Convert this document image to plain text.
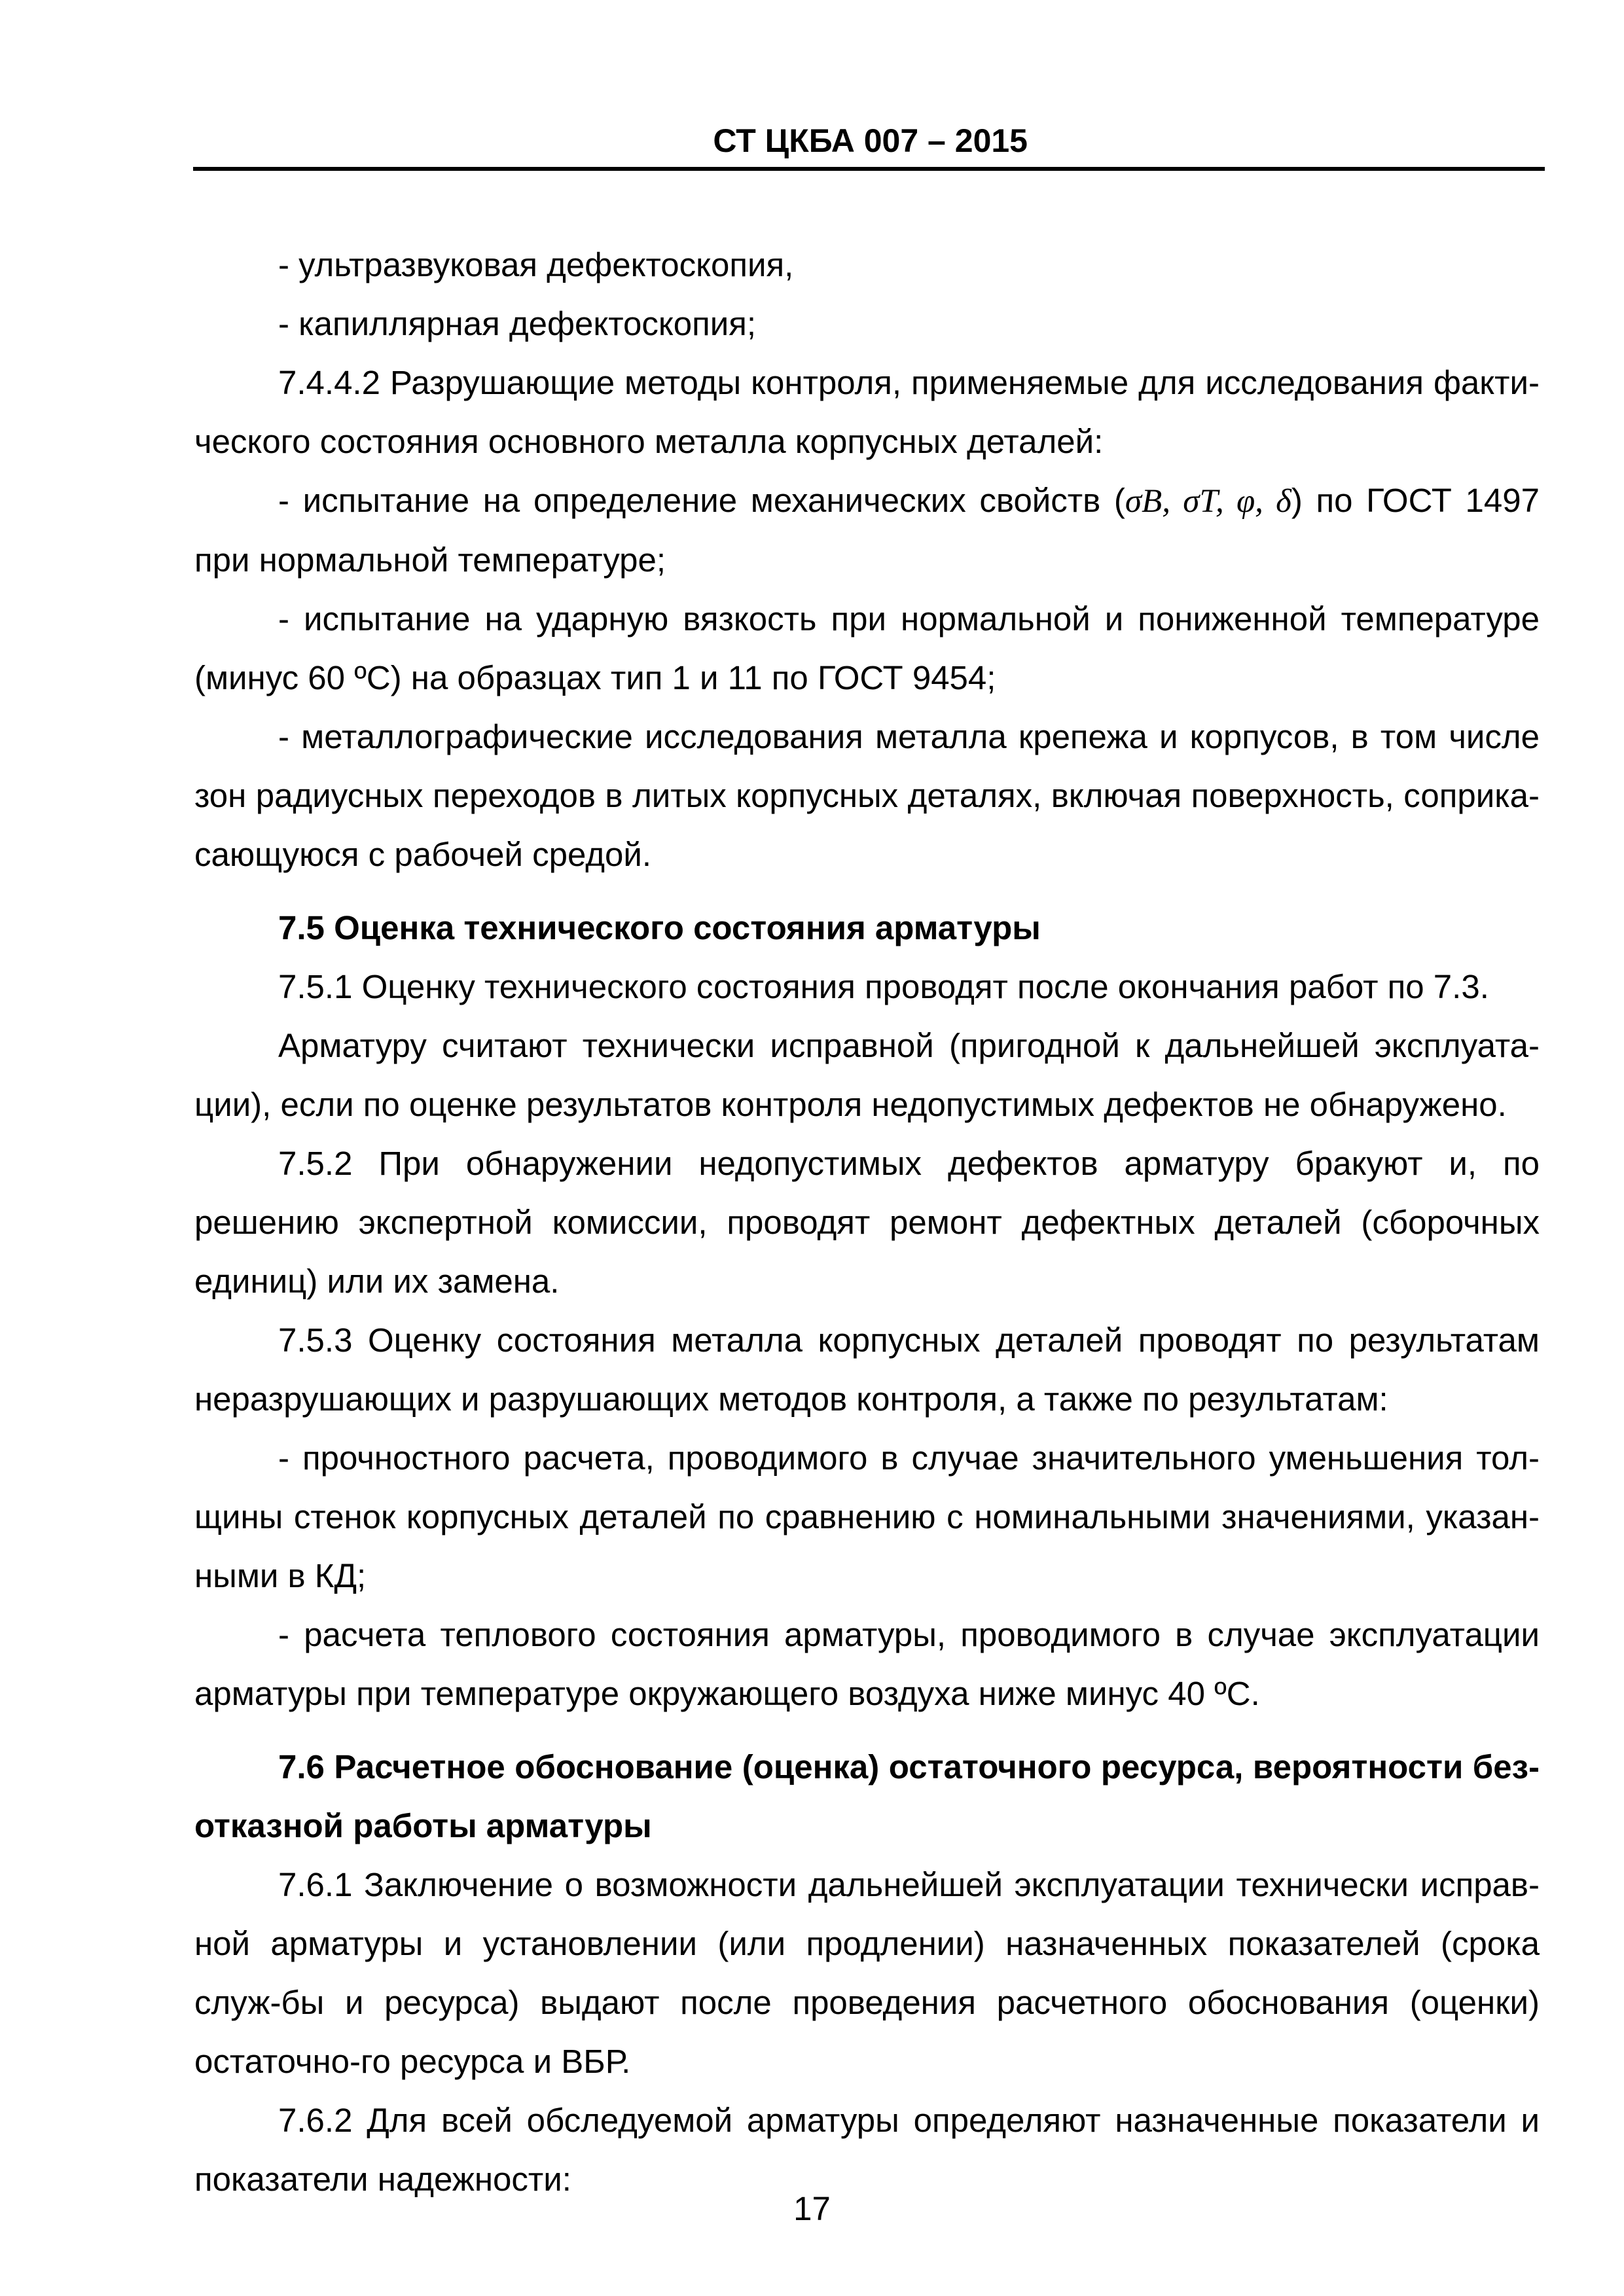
СТ ЦКБА 007 – 2015

- ультразвуковая дефектоскопия,

- капиллярная дефектоскопия;

7.4.4.2 Разрушающие методы контроля, применяемые для исследования факти-ческого состояния основного металла корпусных деталей:

- испытание на определение механических свойств (σB, σT, φ, δ) по ГОСТ 1497 при нормальной температуре;

- испытание на ударную вязкость при нормальной и пониженной температуре (минус 60 ºС) на образцах тип 1 и 11 по ГОСТ 9454;

- металлографические исследования металла крепежа и корпусов, в том числе зон радиусных переходов в литых корпусных деталях, включая поверхность, соприка-сающуюся с рабочей средой.

7.5 Оценка технического состояния арматуры

7.5.1 Оценку технического состояния проводят после окончания работ по 7.3.

Арматуру считают технически исправной (пригодной к дальнейшей эксплуата-ции), если по оценке результатов контроля недопустимых дефектов не обнаружено.

7.5.2 При обнаружении недопустимых дефектов арматуру бракуют и, по решению экспертной комиссии, проводят ремонт дефектных деталей (сборочных единиц) или их замена.

7.5.3 Оценку состояния металла корпусных деталей проводят по результатам неразрушающих и разрушающих методов контроля, а также по результатам:

- прочностного расчета, проводимого в случае значительного уменьшения тол-щины стенок корпусных деталей по сравнению с номинальными значениями, указан-ными в КД;

- расчета теплового состояния арматуры, проводимого в случае эксплуатации арматуры при температуре окружающего воздуха ниже минус 40 ºС.

7.6 Расчетное обоснование (оценка) остаточного ресурса, вероятности без-отказной работы арматуры

7.6.1 Заключение о возможности дальнейшей эксплуатации технически исправ-ной арматуры и установлении (или продлении) назначенных показателей (срока служ-бы и ресурса) выдают после проведения расчетного обоснования (оценки) остаточно-го ресурса и ВБР.

7.6.2 Для всей обследуемой арматуры определяют назначенные показатели и показатели надежности:

17
